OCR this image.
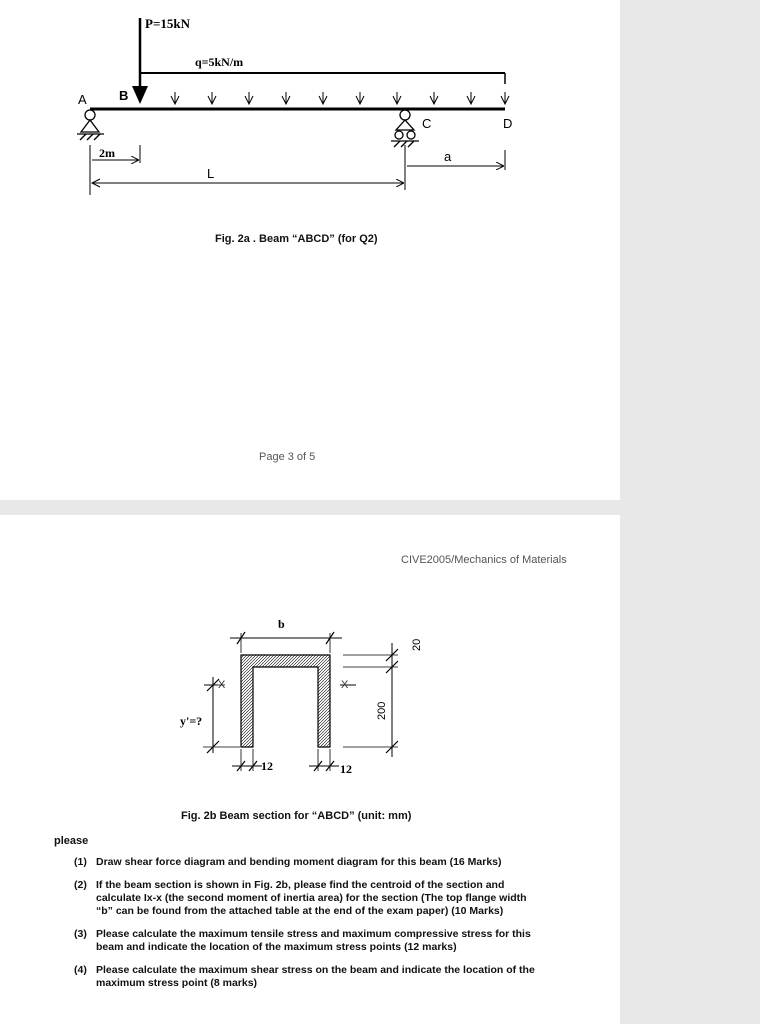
P=15kN
q=5kN/m
A B
C	D
2m
L
a
Fig. 2a . Beam “ABCD” (for Q2)
Page 3 of 5
CIVE2005/Mechanics of Materials
b
20
200
X	X
y'=?
12	12
Fig. 2b Beam section for “ABCD” (unit: mm)
please
(1) Draw shear force diagram and bending moment diagram for this beam (16 Marks)
(2) If the beam section is shown in Fig. 2b, please find the centroid of the section and calculate Ix-x (the second moment of inertia area) for the section (The top flange width “b” can be found from the attached table at the end of the exam paper) (10 Marks)
(3) Please calculate the maximum tensile stress and maximum compressive stress for this beam and indicate the location of the maximum stress points (12 marks)
(4) Please calculate the maximum shear stress on the beam and indicate the location of the maximum stress point (8 marks)
